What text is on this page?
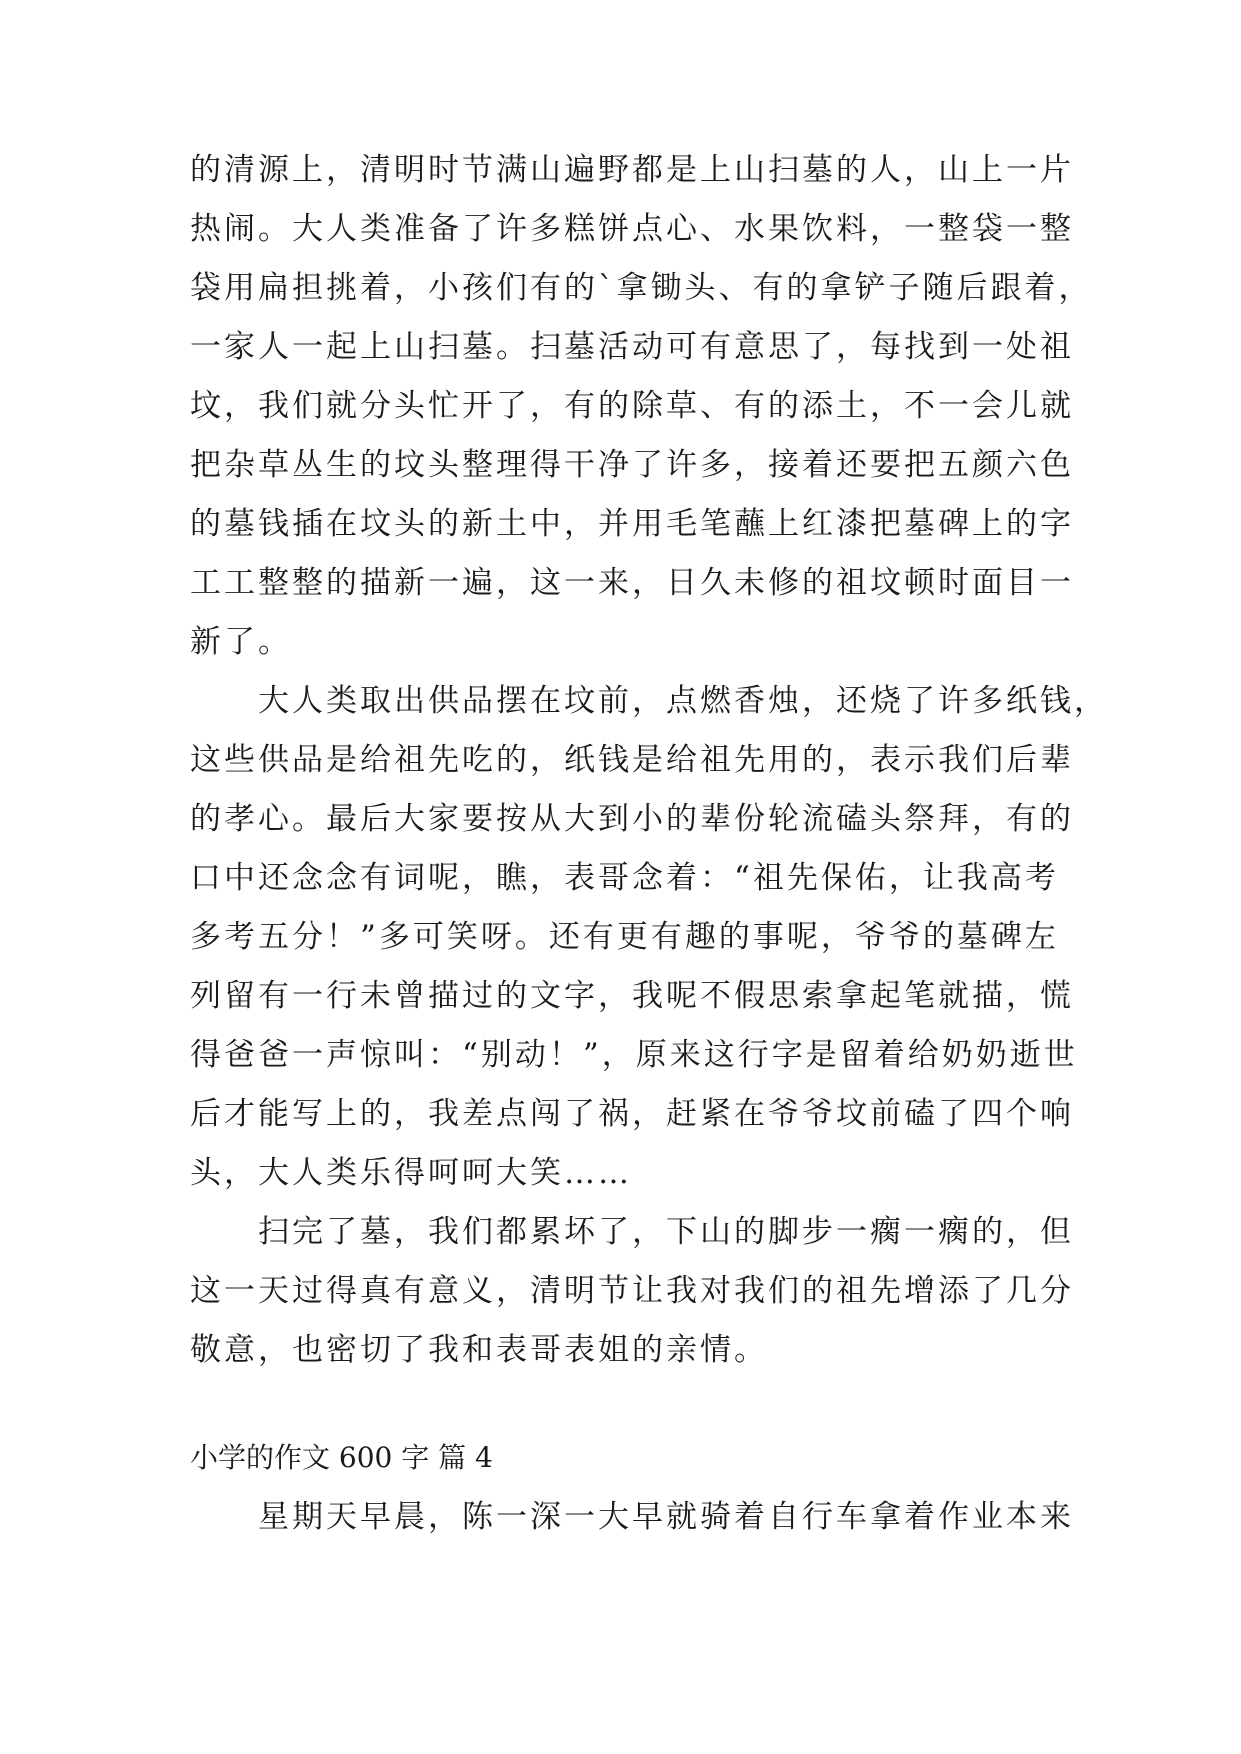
的清源上，清明时节满山遍野都是上山扫墓的人，山上一片
热闹。大人类准备了许多糕饼点心、水果饮料，一整袋一整
袋用扁担挑着，小孩们有的`拿锄头、有的拿铲子随后跟着，
一家人一起上山扫墓。扫墓活动可有意思了，每找到一处祖
坟，我们就分头忙开了，有的除草、有的添土，不一会儿就
把杂草丛生的坟头整理得干净了许多，接着还要把五颜六色
的墓钱插在坟头的新土中，并用毛笔蘸上红漆把墓碑上的字
工工整整的描新一遍，这一来，日久未修的祖坟顿时面目一
新了。
大人类取出供品摆在坟前，点燃香烛，还烧了许多纸钱，
这些供品是给祖先吃的，纸钱是给祖先用的，表示我们后辈
的孝心。最后大家要按从大到小的辈份轮流磕头祭拜，有的
口中还念念有词呢，瞧，表哥念着：“祖先保佑，让我高考
多考五分！”多可笑呀。还有更有趣的事呢，爷爷的墓碑左
列留有一行未曾描过的文字，我呢不假思索拿起笔就描，慌
得爸爸一声惊叫：“别动！”，原来这行字是留着给奶奶逝世
后才能写上的，我差点闯了祸，赶紧在爷爷坟前磕了四个响
头，大人类乐得呵呵大笑……
扫完了墓，我们都累坏了，下山的脚步一瘸一瘸的，但
这一天过得真有意义，清明节让我对我们的祖先增添了几分
敬意，也密切了我和表哥表姐的亲情。
小学的作文 600 字 篇 4
星期天早晨，陈一深一大早就骑着自行车拿着作业本来
